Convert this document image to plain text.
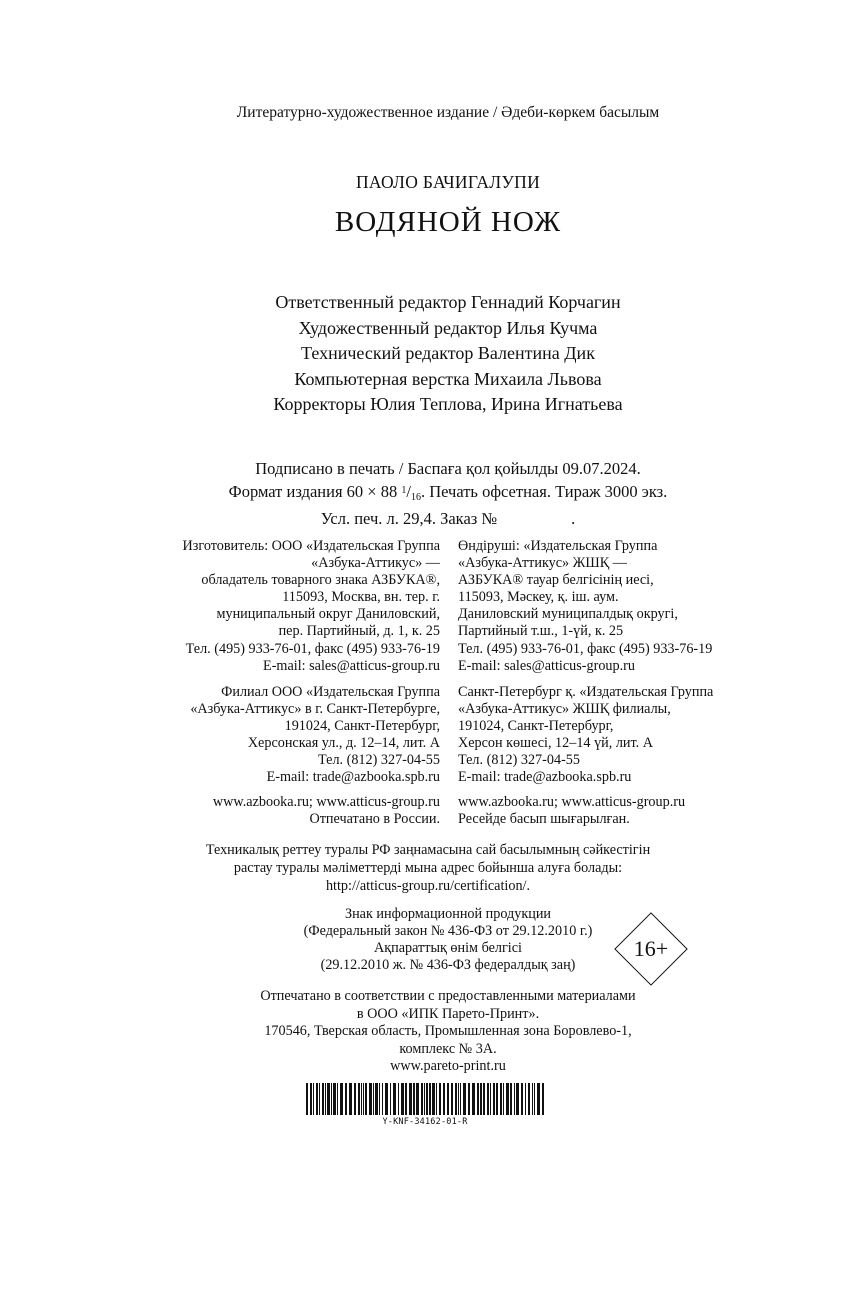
Литературно-художественное издание / Әдеби-көркем басылым
ПАОЛО БАЧИГАЛУПИ
ВОДЯНОЙ НОЖ
Ответственный редактор Геннадий Корчагин
Художественный редактор Илья Кучма
Технический редактор Валентина Дик
Компьютерная верстка Михаила Львова
Корректоры Юлия Теплова, Ирина Игнатьева
Подписано в печать / Баспаға қол қойылды 09.07.2024.
Формат издания 60 × 88 $^1/_{16}$. Печать офсетная. Тираж 3000 экз.
Усл. печ. л. 29,4. Заказ №	.
Изготовитель: ООО «Издательская Группа
«Азбука-Аттикус» —
обладатель товарного знака АЗБУКА®,
115093, Москва, вн. тер. г.
муниципальный округ Даниловский,
пер. Партийный, д. 1, к. 25
Тел. (495) 933-76-01, факс (495) 933-76-19
E-mail: sales@atticus-group.ru
Өндіруші: «Издательская Группа
«Азбука-Аттикус» ЖШҚ —
АЗБУКА® тауар белгісінің иесі,
115093, Мәскеу, қ. іш. аум.
Даниловский муниципалдық округі,
Партийный т.ш., 1-үй, к. 25
Тел. (495) 933-76-01, факс (495) 933-76-19
E-mail: sales@atticus-group.ru
Филиал ООО «Издательская Группа
«Азбука-Аттикус» в г. Санкт-Петербурге,
191024, Санкт-Петербург,
Херсонская ул., д. 12–14, лит. А
Тел. (812) 327-04-55
E-mail: trade@azbooka.spb.ru
Санкт-Петербург қ. «Издательская Группа
«Азбука-Аттикус» ЖШҚ филиалы,
191024, Санкт-Петербург,
Херсон көшесі, 12–14 үй, лит. А
Тел. (812) 327-04-55
E-mail: trade@azbooka.spb.ru
www.azbooka.ru; www.atticus-group.ru
Отпечатано в России.
www.azbooka.ru; www.atticus-group.ru
Ресейде басып шығарылған.
Техникалық реттеу туралы РФ заңнамасына сай басылымның сәйкестігін
растау туралы мәліметтерді мына адрес бойынша алуға болады:
http://atticus-group.ru/certification/.
Знак информационной продукции
(Федеральный закон № 436-ФЗ от 29.12.2010 г.)
Ақпараттық өнім белгісі
(29.12.2010 ж. № 436-ФЗ федералдық заң)
16+
Отпечатано в соответствии с предоставленными материалами
в ООО «ИПК Парето-Принт».
170546, Тверская область, Промышленная зона Боровлево-1,
комплекс № 3А.
www.pareto-print.ru
Y-KNF-34162-01-R
